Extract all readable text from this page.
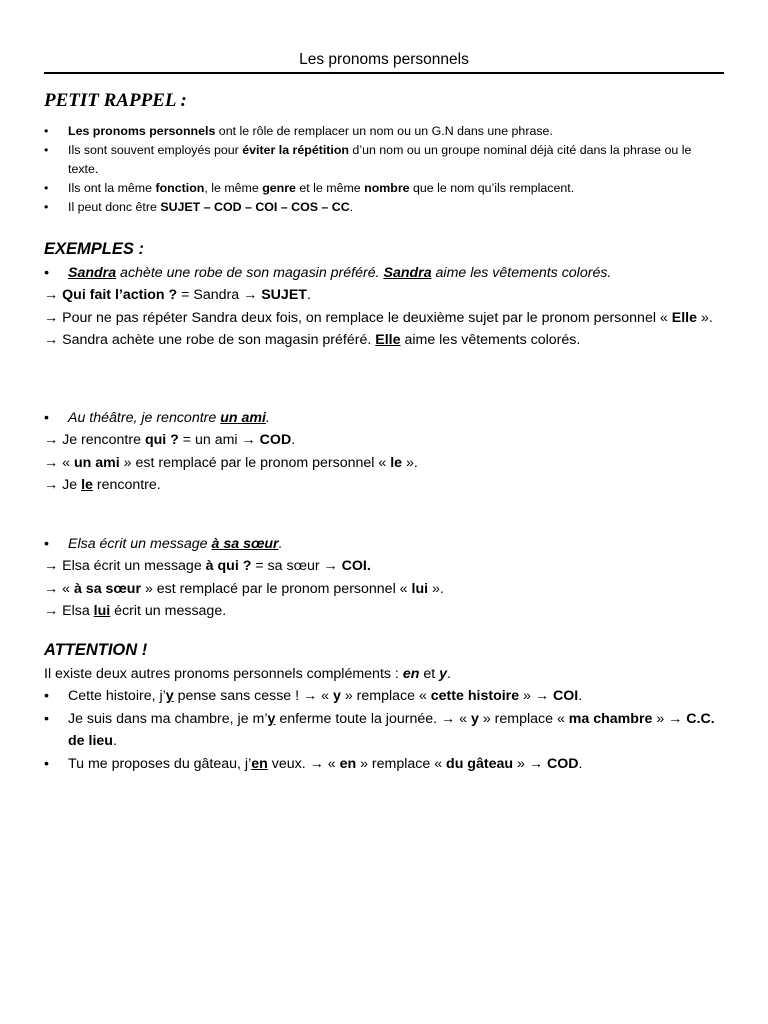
Les pronoms personnels
PETIT RAPPEL :
• Les pronoms personnels ont le rôle de remplacer un nom ou un G.N dans une phrase.
• Ils sont souvent employés pour éviter la répétition d’un nom ou un groupe nominal déjà cité dans la phrase ou le texte.
• Ils ont la même fonction, le même genre et le même nombre que le nom qu’ils remplacent.
• Il peut donc être SUJET – COD – COI – COS – CC.
EXEMPLES :
• Sandra achète une robe de son magasin préféré. Sandra aime les vêtements colorés.
→ Qui fait l’action ? = Sandra → SUJET.
→ Pour ne pas répéter Sandra deux fois, on remplace le deuxième sujet par le pronom personnel « Elle ».
→ Sandra achète une robe de son magasin préféré. Elle aime les vêtements colorés.
• Au théâtre, je rencontre un ami.
→ Je rencontre qui ? = un ami → COD.
→ « un ami » est remplacé par le pronom personnel « le ».
→ Je le rencontre.
• Elsa écrit un message à sa sœur.
→ Elsa écrit un message à qui ? = sa sœur → COI.
→ « à sa sœur » est remplacé par le pronom personnel « lui ».
→ Elsa lui écrit un message.
ATTENTION !
Il existe deux autres pronoms personnels compléments : en et y.
• Cette histoire, j’y pense sans cesse ! → « y » remplace « cette histoire » → COI.
• Je suis dans ma chambre, je m’y enferme toute la journée. → « y » remplace « ma chambre » → C.C. de lieu.
• Tu me proposes du gâteau, j’en veux. → « en » remplace « du gâteau » → COD.
